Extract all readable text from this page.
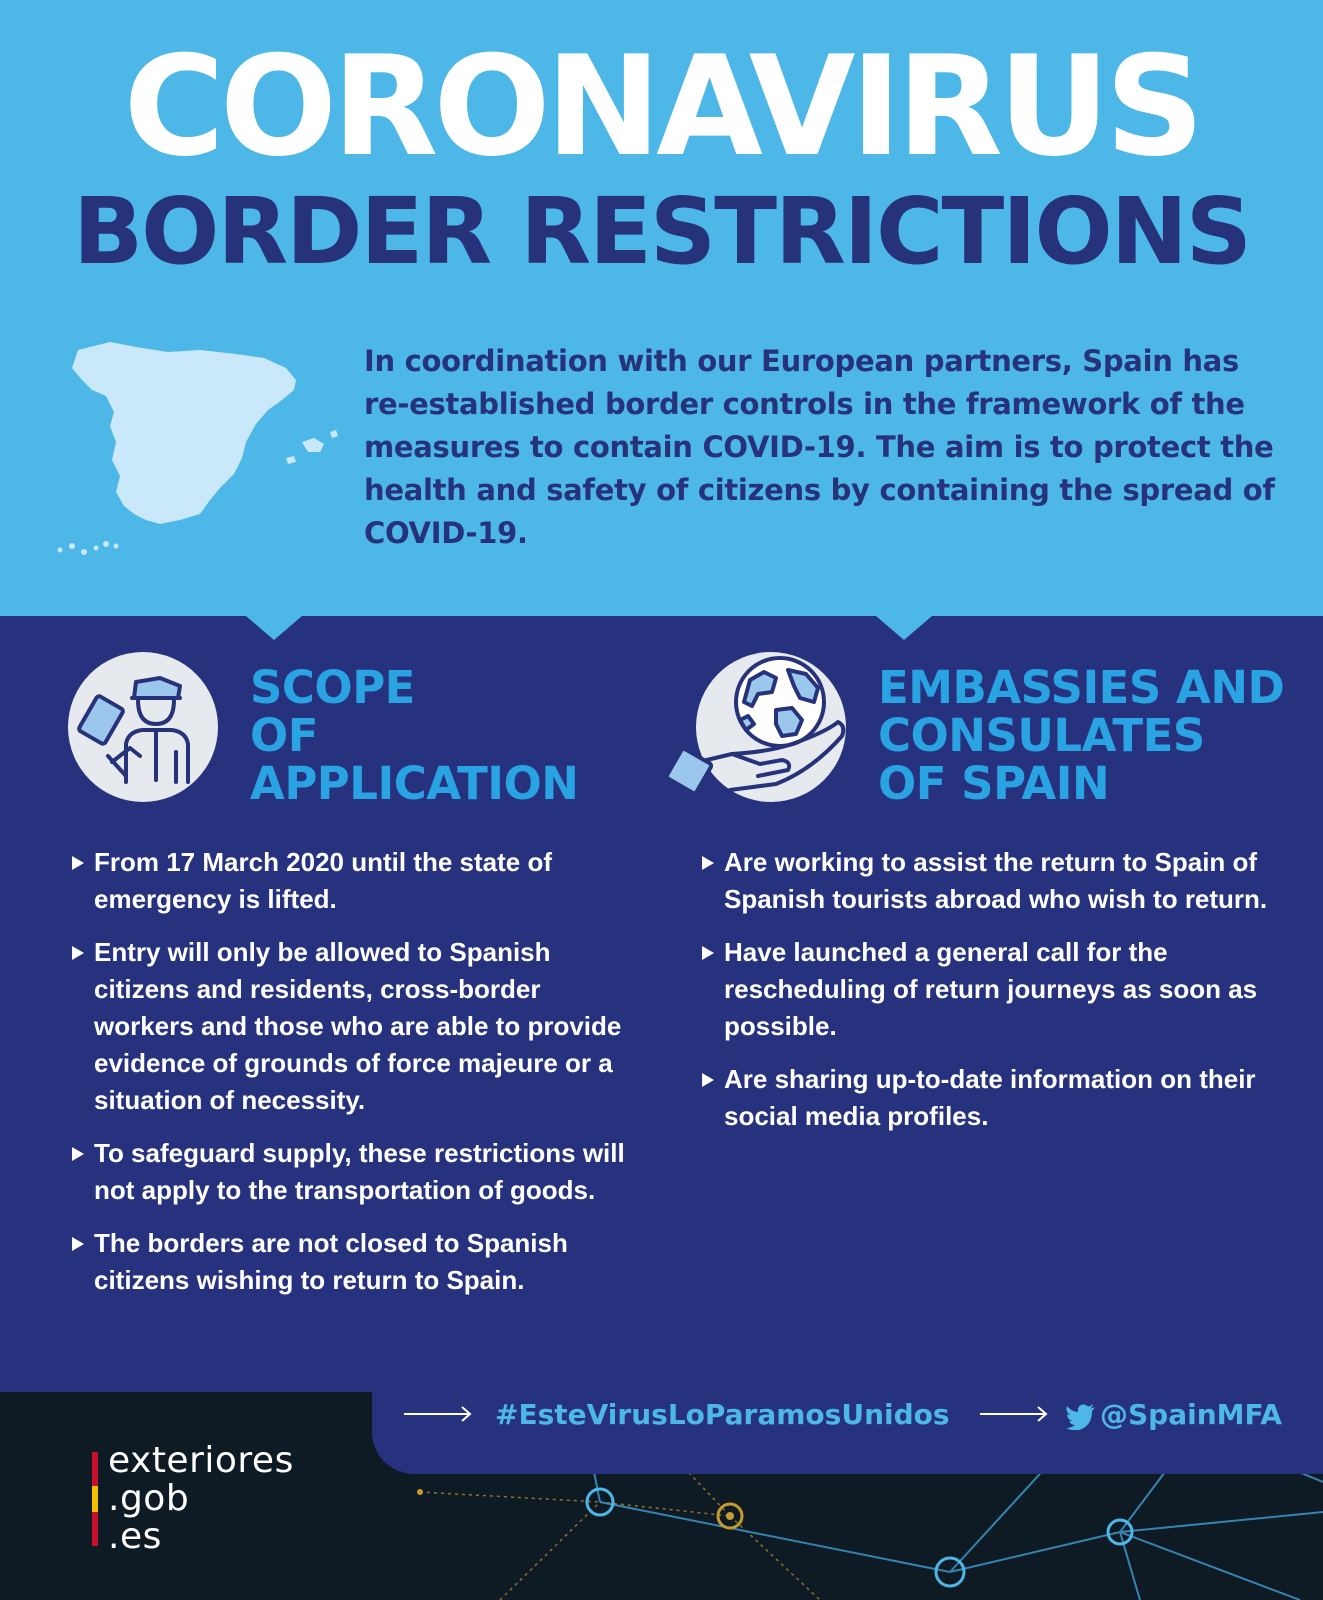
CORONAVIRUS
BORDER RESTRICTIONS

In coordination with our European partners, Spain has re-established border controls in the framework of the measures to contain COVID-19. The aim is to protect the health and safety of citizens by containing the spread of COVID-19.

SCOPE
OF
APPLICATION
From 17 March 2020 until the state of emergency is lifted.
Entry will only be allowed to Spanish citizens and residents, cross-border workers and those who are able to provide evidence of grounds of force majeure or a situation of necessity.
To safeguard supply, these restrictions will not apply to the transportation of goods.
The borders are not closed to Spanish citizens wishing to return to Spain.
EMBASSIES AND
CONSULATES
OF SPAIN
Are working to assist the return to Spain of Spanish tourists abroad who wish to return.
Have launched a general call for the rescheduling of return journeys as soon as possible.
Are sharing up-to-date information on their social media profiles.
#EsteVirusLoParamosUnidos	@SpainMFA
exteriores
.gob
.es
